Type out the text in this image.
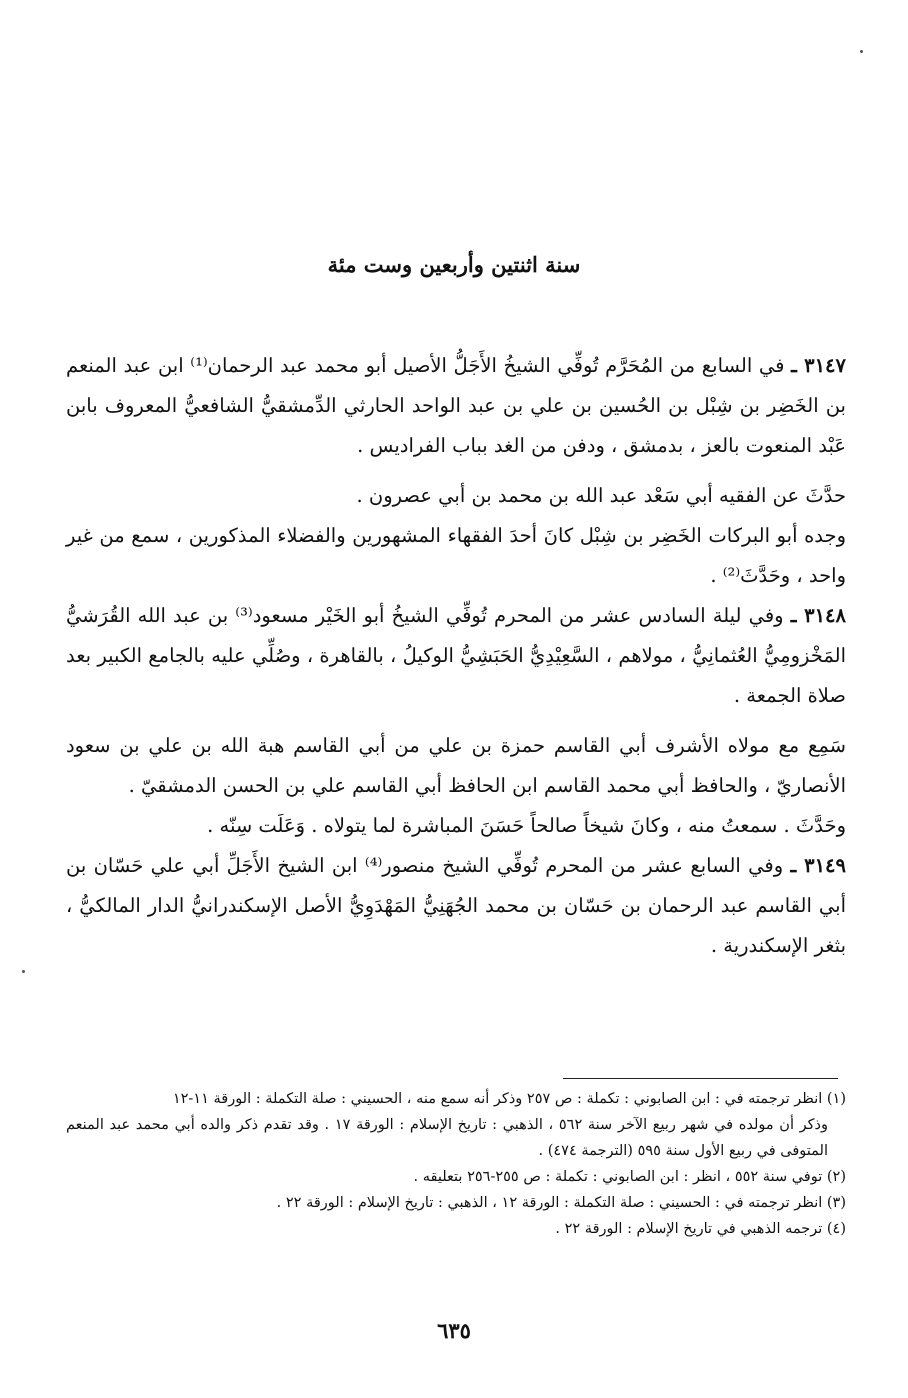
سنة اثنتين وأربعين وست مئة

٣١٤٧ ـ في السابع من المُحَرَّم تُوفِّي الشيخُ الأَجَلُّ الأصيل أبو محمد عبد الرحمان⁽¹⁾ ابن عبد المنعم بن الخَضِر بن شِبْل بن الحُسين بن علي بن عبد الواحد الحارثي الدِّمشقيُّ الشافعيُّ المعروف بابن عَبْد المنعوت بالعز ، بدمشق ، ودفن من الغد بباب الفراديس .

حدَّثَ عن الفقيه أبي سَعْد عبد الله بن محمد بن أبي عصرون .

وجده أبو البركات الخَضِر بن شِبْل كانَ أحدَ الفقهاء المشهورين والفضلاء المذكورين ، سمع من غير واحد ، وحَدَّثَ⁽²⁾ .

٣١٤٨ ـ وفي ليلة السادس عشر من المحرم تُوفِّي الشيخُ أبو الخَيْر مسعود⁽³⁾ بن عبد الله القُرَشيُّ المَخْزومِيُّ العُثمانِيُّ ، مولاهم ، السَّعِيْدِيُّ الحَبَشِيُّ الوكيلُ ، بالقاهرة ، وصُلِّي عليه بالجامع الكبير بعد صلاة الجمعة .

سَمِع مع مولاه الأشرف أبي القاسم حمزة بن علي من أبي القاسم هبة الله بن علي بن سعود الأنصاريّ ، والحافظ أبي محمد القاسم ابن الحافظ أبي القاسم علي بن الحسن الدمشقيّ .

وحَدَّثَ . سمعتُ منه ، وكانَ شيخاً صالحاً حَسَنَ المباشرة لما يتولاه . وَعَلَت سِنّه .

٣١٤٩ ـ وفي السابع عشر من المحرم تُوفِّي الشيخ منصور⁽⁴⁾ ابن الشيخ الأَجَلِّ أبي علي حَسّان بن أبي القاسم عبد الرحمان بن حَسّان بن محمد الجُهَنِيُّ المَهْدَوِيُّ الأصل الإسكندرانيُّ الدار المالكيُّ ، بثغر الإسكندرية .

(١) انظر ترجمته في : ابن الصابوني : تكملة : ص ٢٥٧ وذكر أنه سمع منه ، الحسيني : صلة التكملة : الورقة ١١-١٢

وذكر أن مولده في شهر ربيع الآخر سنة ٥٦٢ ، الذهبي : تاريخ الإسلام : الورقة ١٧ . وقد تقدم ذكر والده أبي محمد عبد المنعم المتوفى في ربيع الأول سنة ٥٩٥ (الترجمة ٤٧٤) .

(٢) توفي سنة ٥٥٢ ، انظر : ابن الصابوني : تكملة : ص ٢٥٥-٢٥٦ بتعليقه .

(٣) انظر ترجمته في : الحسيني : صلة التكملة : الورقة ١٢ ، الذهبي : تاريخ الإسلام : الورقة ٢٢ .

(٤) ترجمه الذهبي في تاريخ الإسلام : الورقة ٢٢ .

٦٣٥
